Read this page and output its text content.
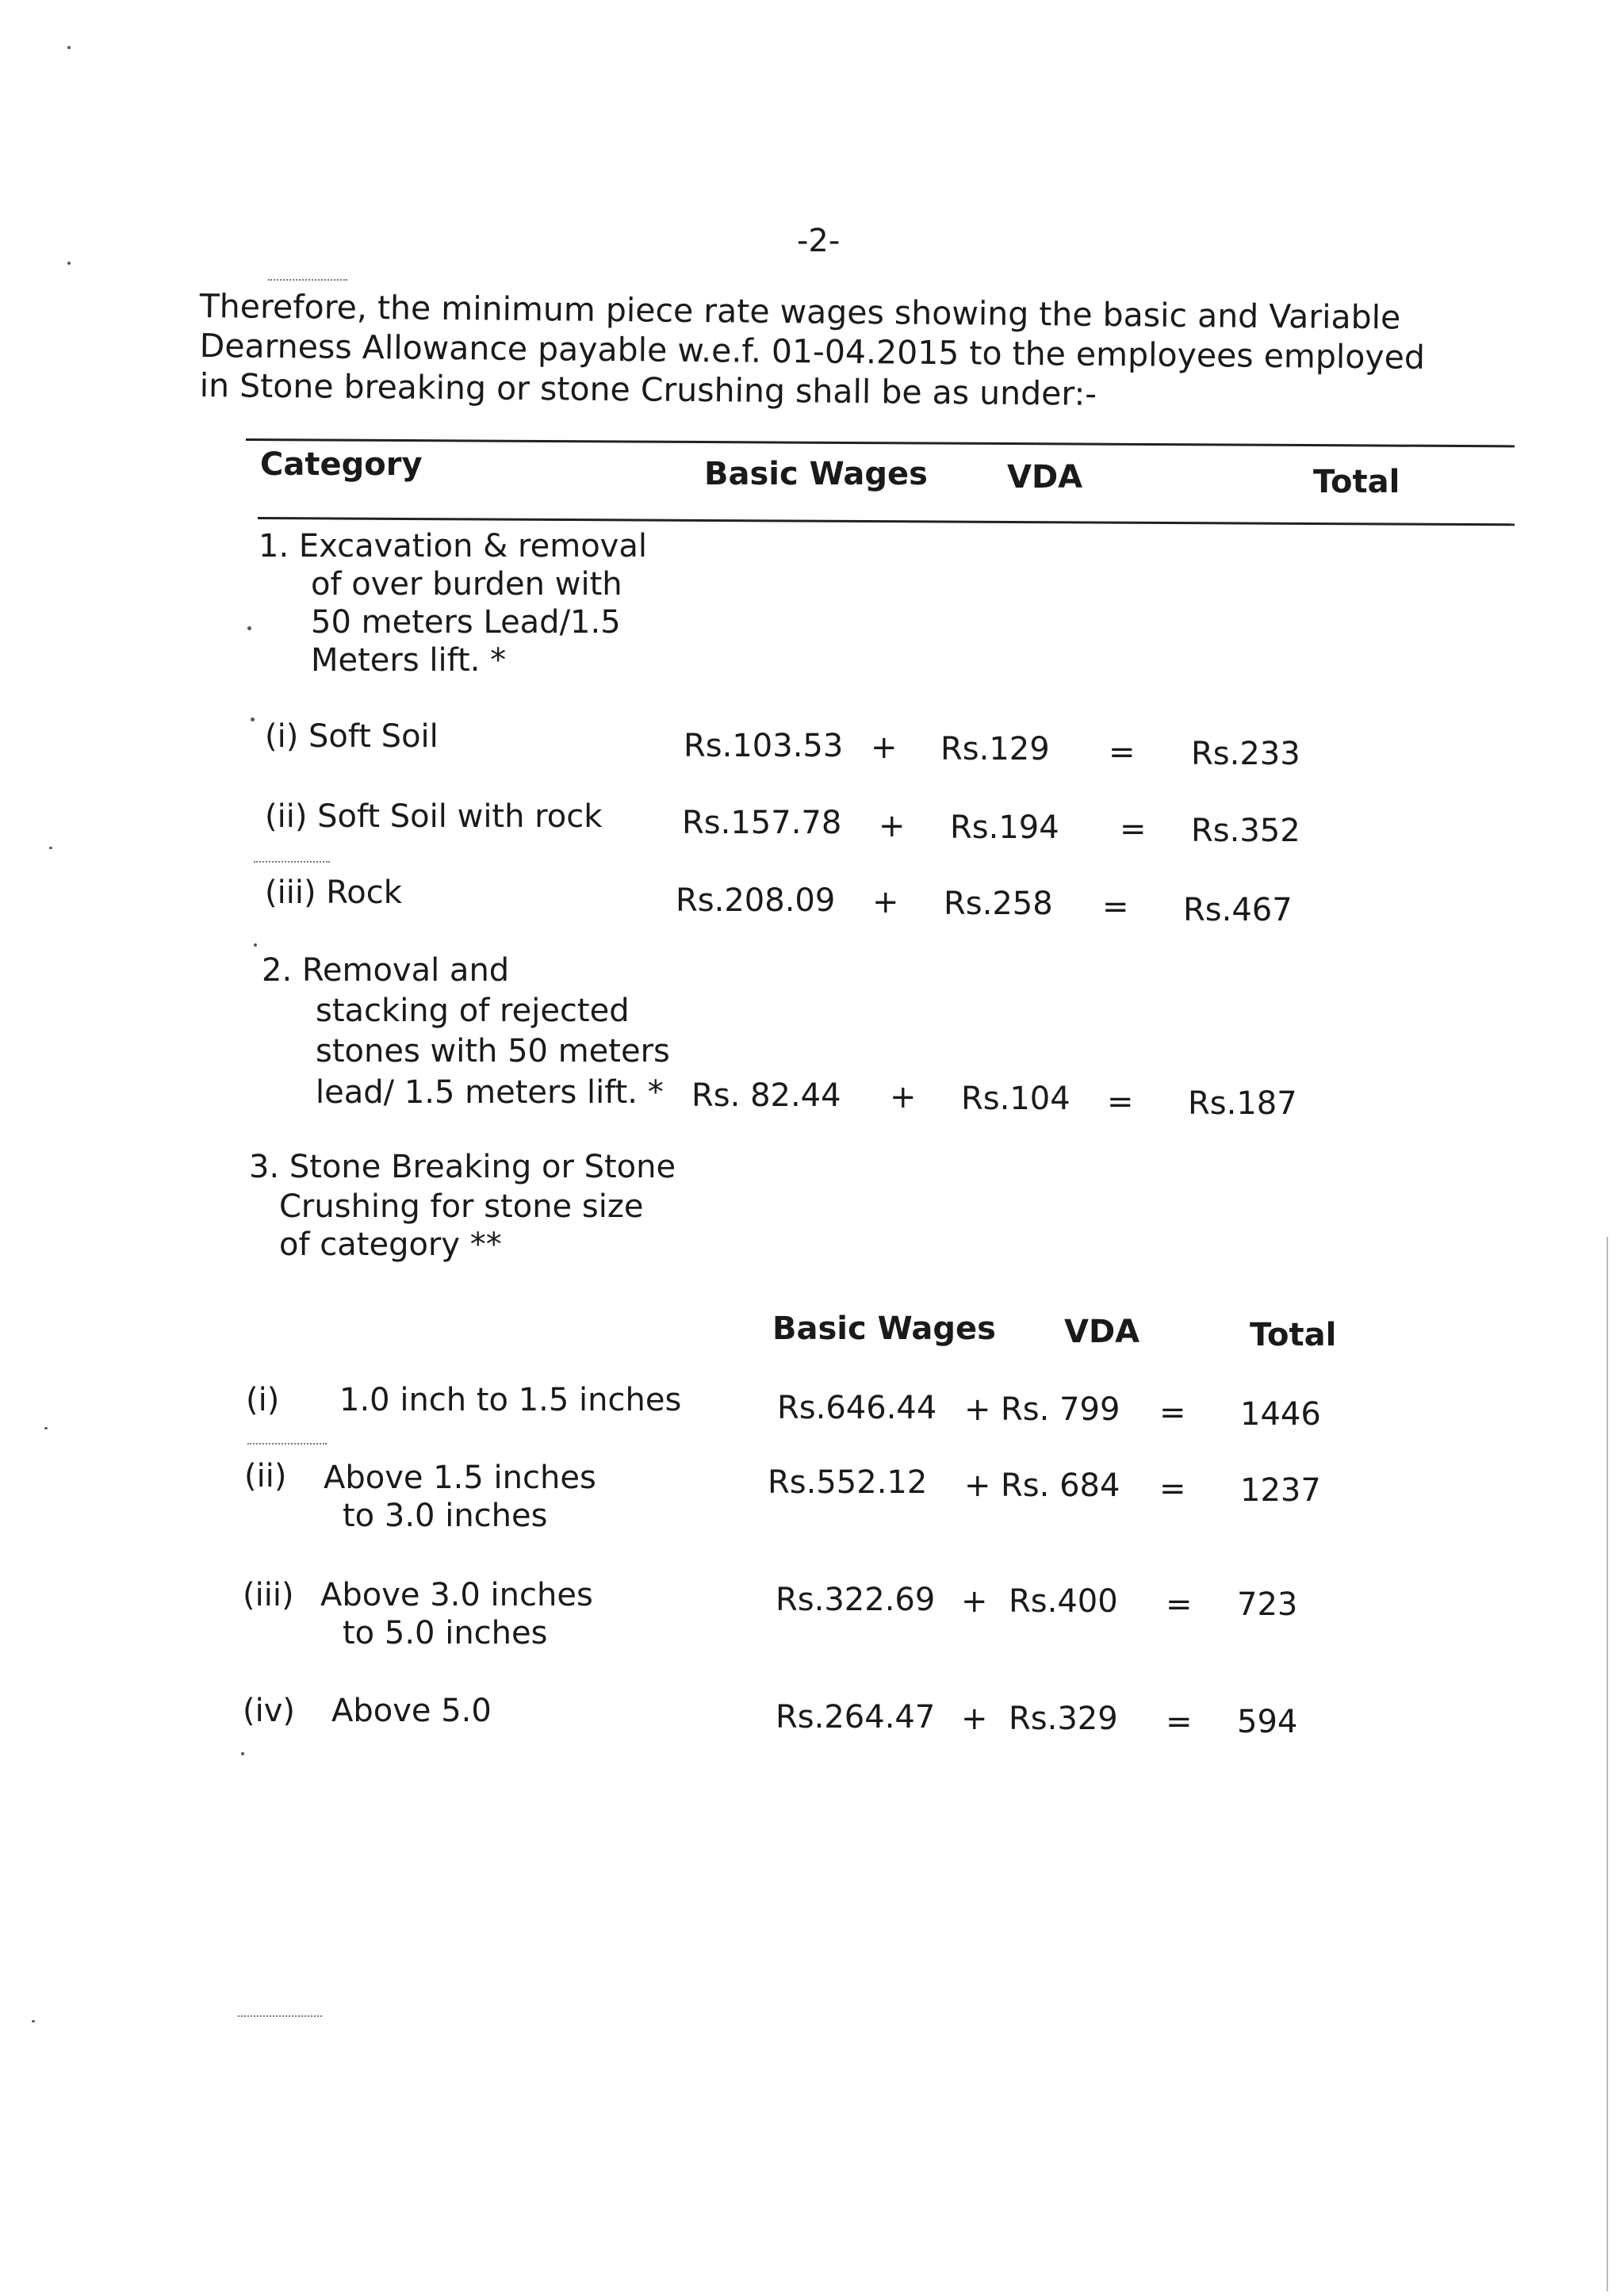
-2-
Therefore, the minimum piece rate wages showing the basic and Variable
Dearness Allowance payable w.e.f. 01-04.2015 to the employees employed
in Stone breaking or stone Crushing shall be as under:-
Category	Basic Wages	VDA	Total
1. Excavation & removal
of over burden with
50 meters Lead/1.5
Meters lift. *
(i) Soft Soil	Rs.103.53 + Rs.129 = Rs.233
(ii) Soft Soil with rock	Rs.157.78 + Rs.194 = Rs.352
(iii) Rock	Rs.208.09 + Rs.258 = Rs.467
2. Removal and
stacking of rejected
stones with 50 meters
lead/ 1.5 meters lift. * Rs. 82.44 + Rs.104 = Rs.187
3. Stone Breaking or Stone
Crushing for stone size
of category **
Basic Wages VDA	Total
(i) 1.0 inch to 1.5 inches	Rs.646.44 + Rs. 799 = 1446
(ii) Above 1.5 inches
to 3.0 inches
Rs.552.12 + Rs. 684 = 1237
(iii) Above 3.0 inches
to 5.0 inches
Rs.322.69 + Rs.400 = 723
(iv) Above 5.0	Rs.264.47 + Rs.329 = 594
